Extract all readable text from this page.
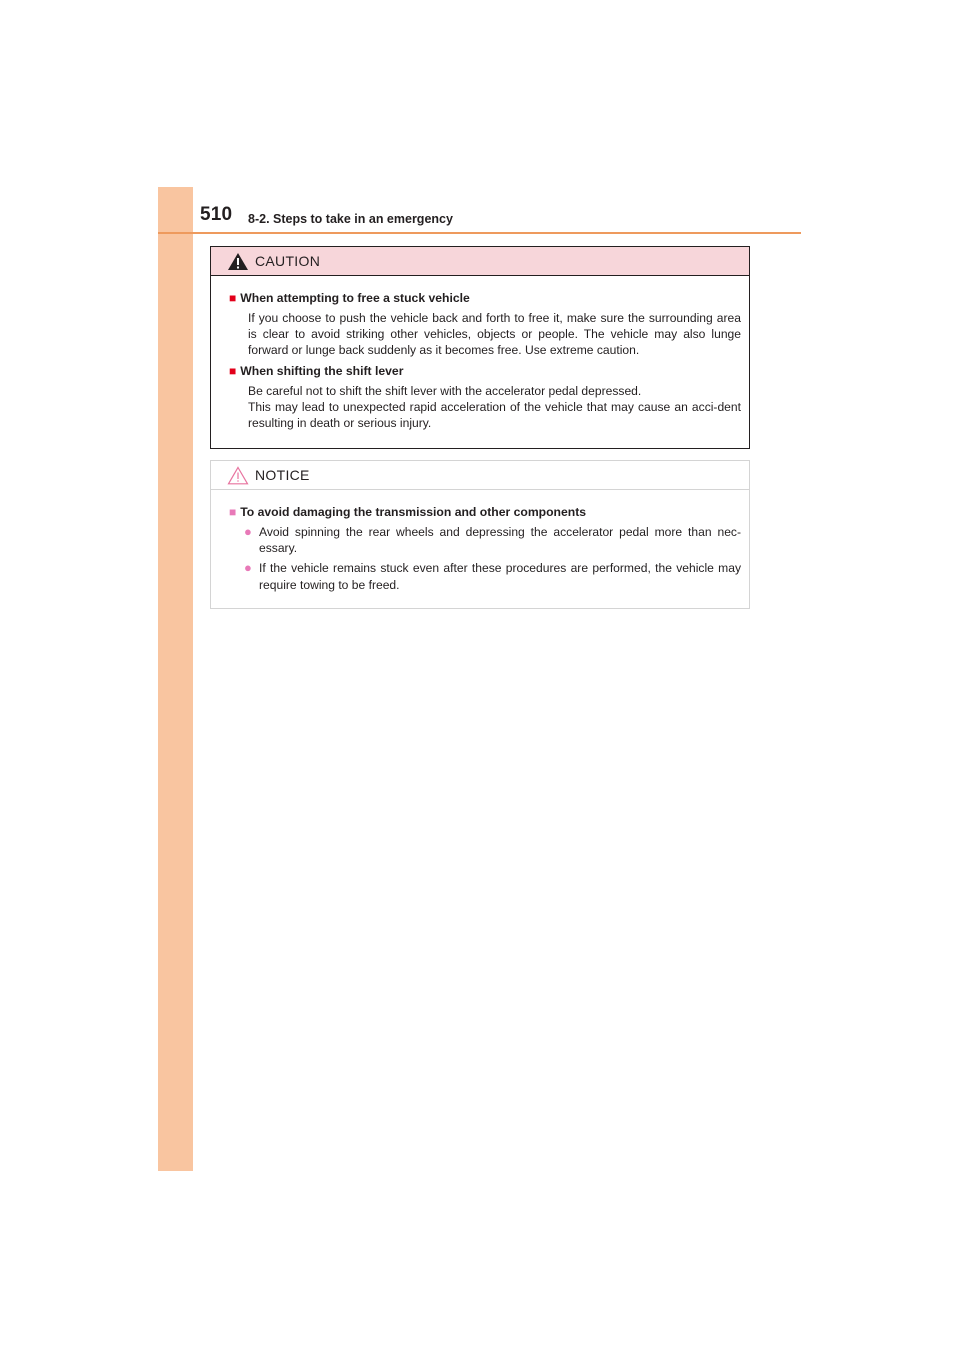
510 8-2. Steps to take in an emergency
CAUTION
■ When attempting to free a stuck vehicle

If you choose to push the vehicle back and forth to free it, make sure the surrounding area is clear to avoid striking other vehicles, objects or people. The vehicle may also lunge forward or lunge back suddenly as it becomes free. Use extreme caution.

■ When shifting the shift lever

Be careful not to shift the shift lever with the accelerator pedal depressed.

This may lead to unexpected rapid acceleration of the vehicle that may cause an acci-dent resulting in death or serious injury.

NOTICE
■ To avoid damaging the transmission and other components
● Avoid spinning the rear wheels and depressing the accelerator pedal more than nec-essary.
● If the vehicle remains stuck even after these procedures are performed, the vehicle may require towing to be freed.
